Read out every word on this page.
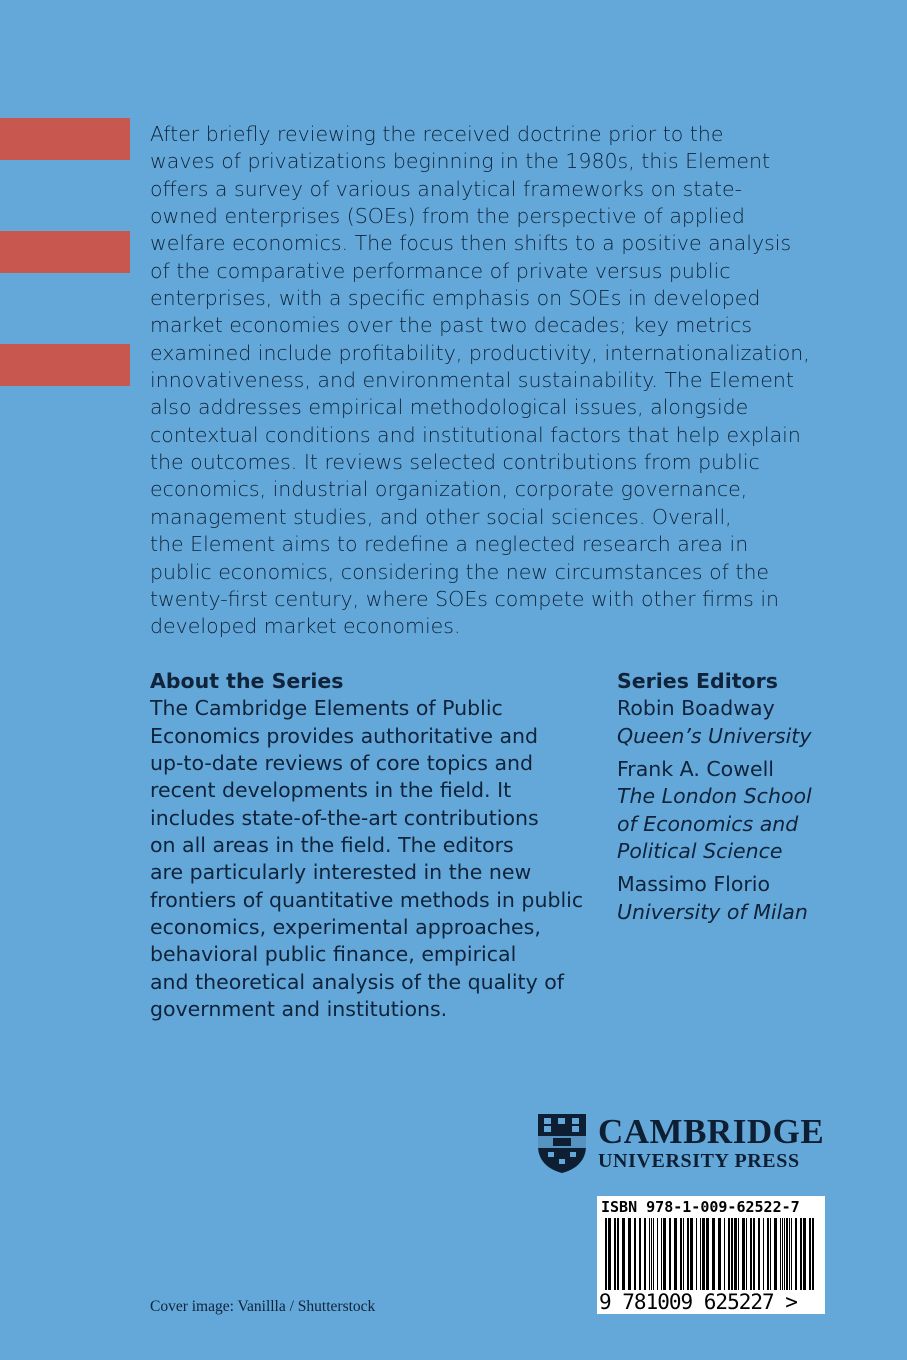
After briefly reviewing the received doctrine prior to the
waves of privatizations beginning in the 1980s, this Element
offers a survey of various analytical frameworks on state-
owned enterprises (SOEs) from the perspective of applied
welfare economics. The focus then shifts to a positive analysis
of the comparative performance of private versus public
enterprises, with a specific emphasis on SOEs in developed
market economies over the past two decades; key metrics
examined include profitability, productivity, internationalization,
innovativeness, and environmental sustainability. The Element
also addresses empirical methodological issues, alongside
contextual conditions and institutional factors that help explain
the outcomes. It reviews selected contributions from public
economics, industrial organization, corporate governance,
management studies, and other social sciences. Overall,
the Element aims to redefine a neglected research area in
public economics, considering the new circumstances of the
twenty-first century, where SOEs compete with other firms in
developed market economies.

About the Series
The Cambridge Elements of Public
Economics provides authoritative and
up-to-date reviews of core topics and
recent developments in the field. It
includes state-of-the-art contributions
on all areas in the field. The editors
are particularly interested in the new
frontiers of quantitative methods in public
economics, experimental approaches,
behavioral public finance, empirical
and theoretical analysis of the quality of
government and institutions.
Series Editors
Robin Boadway
Queen’s University
Frank A. Cowell
The London School
of Economics and
Political Science
Massimo Florio
University of Milan
CAMBRIDGE
UNIVERSITY PRESS
ISBN 978-1-009-62522-7
9 781009 625227 >
Cover image: Vanillla / Shutterstock
